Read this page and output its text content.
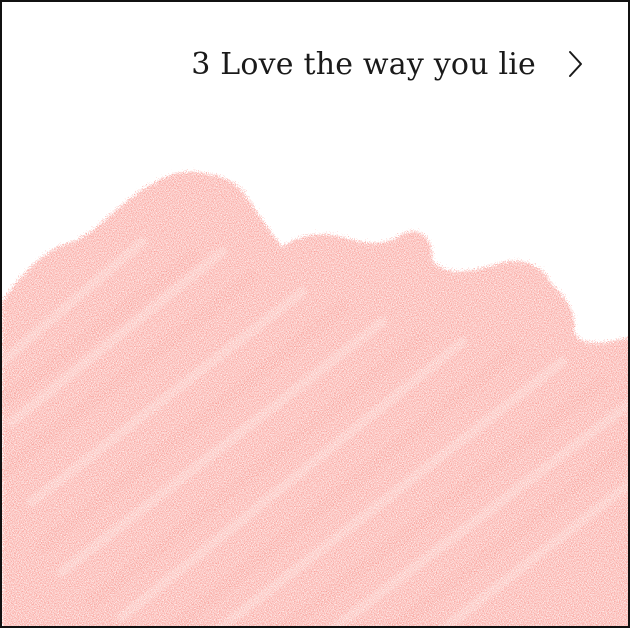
3 Love the way you lie
